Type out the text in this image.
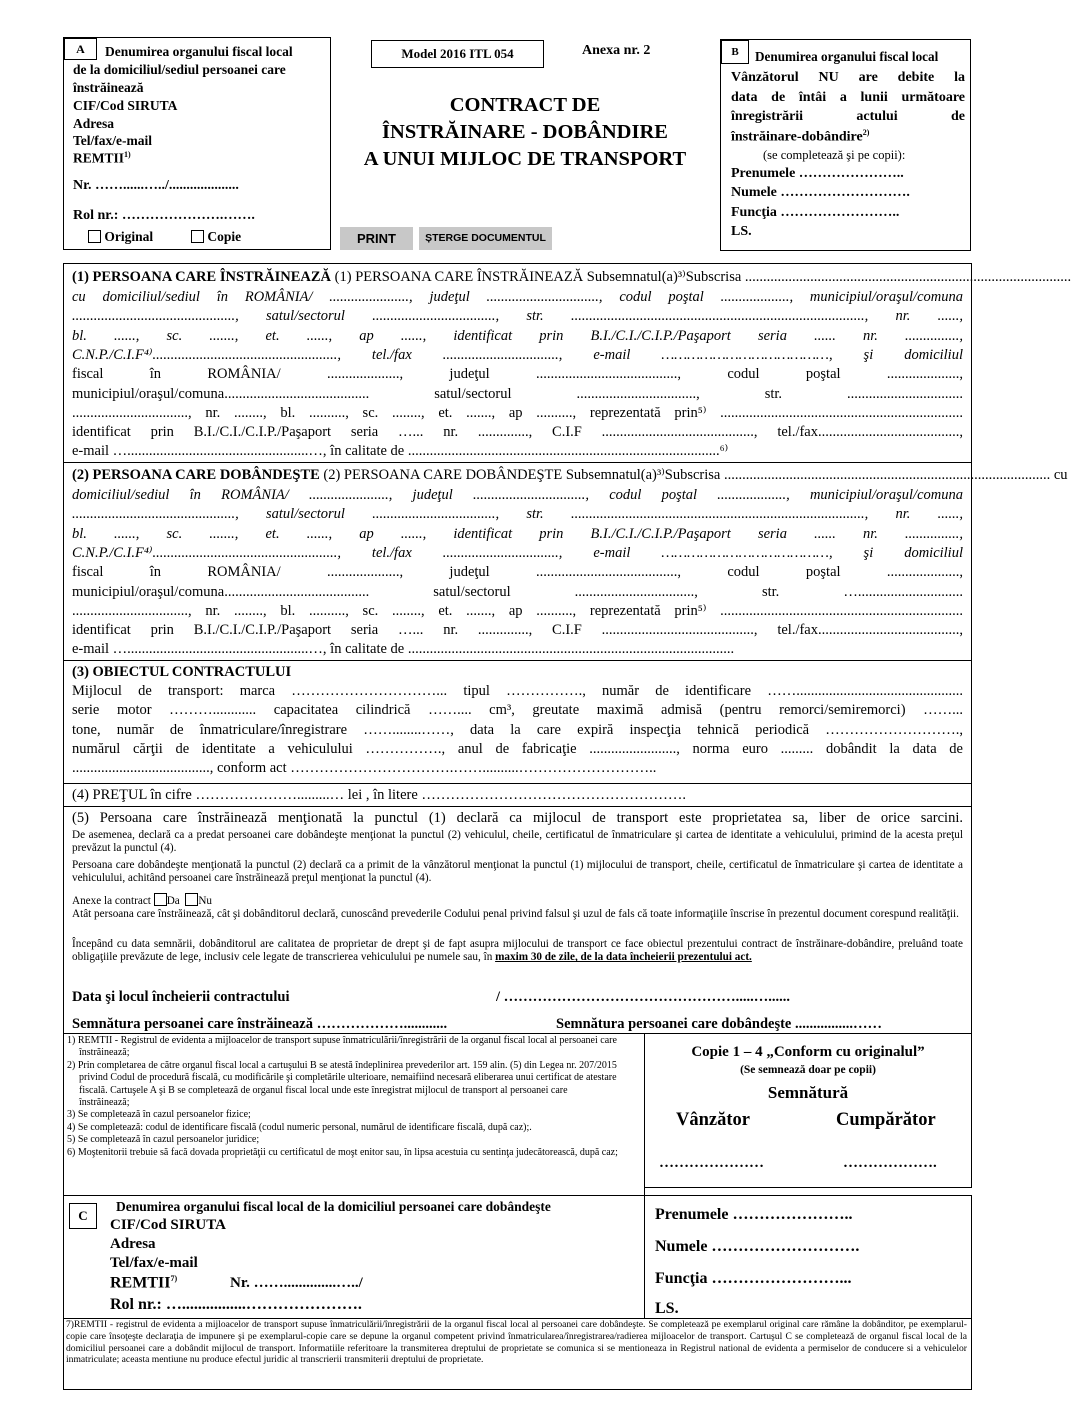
A	Denumirea organului fiscal local
de la domiciliul/sediul persoanei care
înstrăinează
CIF/Cod SIRUTA
Adresa
Tel/fax/e-mail
REMTII$^{1)}$
Nr. ……......…../....................
Rol nr.: ………………….…….
Original	Copie
Model 2016 ITL 054	Anexa nr. 2
CONTRACT DE
ÎNSTRĂINARE - DOBÂNDIRE
A UNUI MIJLOC DE TRANSPORT
PRINT	ȘTERGE DOCUMENTUL
B	Denumirea organului fiscal local
Vânzătorul NU are debite la
data de întâi a lunii următoare
înregistrării actului de
înstrăinare-dobândire$^{2)}$
(se completează şi pe copii):
Prenumele …………………..
Numele ……………………….
Funcţia ……………………..
LS.
(1) PERSOANA CARE ÎNSTRĂINEAZĂ (1) PERSOANA CARE ÎNSTRĂINEAZĂ Subsemnatul(a)³⁾Subscrisa ..........................................................................................
cu domiciliul/sediul în ROMÂNIA/ ......................, judeţul ..............................., codul poştal ..................., municipiul/oraşul/comuna
............................................., satul/sectorul .................................., str. ................................................................................., nr. ......,
bl. ......, sc. ......., et. ......, ap ......, identificat prin B.I./C.I./C.I.P./Paşaport seria ...... nr. ...............,
C.N.P./C.I.F⁴⁾..................................................., tel./fax ................................, e-mail …………………………………, şi domiciliul
fiscal în ROMÂNIA/ ...................., judeţul ......................................., codul poştal ....................,
municipiul/oraşul/comuna........................................ satul/sectorul ................................., str. ................................
................................, nr. ........, bl. .........., sc. ........, et. ......., ap .........., reprezentată prin⁵⁾ ...................................................................
identificat prin B.I./C.I./C.I.P./Paşaport seria …... nr. .............., C.I.F .........................................., tel./fax.......................................,
e-mail …..................................................…, în calitate de ......................................................................................⁶⁾
(2) PERSOANA CARE DOBÂNDEŞTE (2) PERSOANA CARE DOBÂNDEŞTE Subsemnatul(a)³⁾Subscrisa .......................................................................................... cu
domiciliul/sediul în ROMÂNIA/ ......................, judeţul ..............................., codul poştal ..................., municipiul/oraşul/comuna
............................................., satul/sectorul .................................., str. ................................................................................., nr. ......,
bl. ......, sc. ......., et. ......, ap ......, identificat prin B.I./C.I./C.I.P./Paşaport seria ...... nr. ...............,
C.N.P./C.I.F⁴⁾..................................................., tel./fax ................................, e-mail …………………………………, şi domiciliul
fiscal în ROMÂNIA/ ...................., judeţul ......................................., codul poştal ....................,
municipiul/oraşul/comuna........................................ satul/sectorul ................................., str. ….............................
................................, nr. ........, bl. .........., sc. ........, et. ......., ap .........., reprezentată prin⁵⁾ ...................................................................
identificat prin B.I./C.I./C.I.P./Paşaport seria …... nr. .............., C.I.F .........................................., tel./fax.......................................,
e-mail …..................................................…, în calitate de ..........................................................................................
(3) OBIECTUL CONTRACTULUI
Mijlocul de transport: marca …………………………... tipul ……………., număr de identificare ……..............................................
serie motor ………............ capacitatea cilindrică …….... cm³, greutate maximă admisă (pentru remorci/semiremorci) ……...
tone, număr de înmatriculare/înregistrare ……........……, data la care expiră inspecţia tehnică periodică ……………………….,
numărul cărţii de identitate a vehiculului ……………., anul de fabricaţie ........................, norma euro ......... dobândit la data de
......................................, conform act …………………………….……..........………………………..
(4) PREŢUL în cifre ………………….........… lei , în litere ……………………………………………….
(5) Persoana care înstrăinează menţionată la punctul (1) declară ca mijlocul de transport este proprietatea sa, liber de orice sarcini.
De asemenea, declară ca a predat persoanei care dobândeşte menţionat la punctul (2) vehiculul, cheile, certificatul de înmatriculare şi cartea de identitate a vehiculului, primind de la acesta preţul prevăzut la punctul (4).
Persoana care dobândeşte menţionată la punctul (2) declară ca a primit de la vânzătorul menţionat la punctul (1) mijlocului de transport, cheile, certificatul de înmatriculare şi cartea de identitate a vehiculului, achitând persoanei care înstrăinează preţul menţionat la punctul (4).
Anexe la contract Da Nu
Atât persoana care înstrăinează, cât şi dobânditorul declară, cunoscând prevederile Codului penal privind falsul şi uzul de fals că toate informaţiile înscrise în prezentul document corespund realităţii.
Începând cu data semnării, dobânditorul are calitatea de proprietar de drept şi de fapt asupra mijlocului de transport ce face obiectul prezentului contract de înstrăinare-dobândire, preluând toate obligaţiile prevăzute de lege, inclusiv cele legate de transcrierea vehiculului pe numele sau, în maxim 30 de zile, de la data încheierii prezentului act.
Data şi locul încheierii contractului	/ ………………………………………….....…......
Semnătura persoanei care înstrăinează ………………............	Semnătura persoanei care dobândeşte ................……
1) REMTII - Registrul de evidenta a mijloacelor de transport supuse înmatriculării/înregistrării de la organul fiscal local al persoanei care înstrăinează;
2) Prin completarea de către organul fiscal local a cartuşului B se atestă îndeplinirea prevederilor art. 159 alin. (5) din Legea nr. 207/2015 privind Codul de procedură fiscală, cu modificările şi completările ulterioare, nemaifiind necesară eliberarea unui certificat de atestare fiscală. Cartuşele A şi B se completează de organul fiscal local unde este înregistrat mijlocul de transport al persoanei care înstrăinează;
3) Se completează în cazul persoanelor fizice;
4) Se completează: codul de identificare fiscală (codul numeric personal, numărul de identificare fiscală, după caz);.
5) Se completează în cazul persoanelor juridice;
6) Moştenitorii trebuie să facă dovada proprietăţii cu certificatul de moşt enitor sau, în lipsa acestuia cu sentinţa judecătorească, după caz;
C
Denumirea organului fiscal local de la domiciliul persoanei care dobândeşte
CIF/Cod SIRUTA
Adresa
Tel/fax/e-mail
REMTII$^{7)}$	Nr. ……..............…../
Rol nr.: …................………………….
Copie 1 – 4 „Conform cu originalul”
(Se semnează doar pe copii)
Semnătură
Vânzător	Cumpărător
…………………	……………….
Prenumele …………………..
Numele ……………………….
Funcţia ……………………...
LS.
7)REMTII - registrul de evidenta a mijloacelor de transport supuse înmatriculării/înregistrării de la organul fiscal local al persoanei care dobândeşte. Se completează pe exemplarul original care rămâne la dobânditor, pe exemplarul-copie care însoţeşte declaraţia de impunere şi pe exemplarul-copie care se depune la organul competent privind înmatricularea/înregistrarea/radierea mijloacelor de transport. Cartuşul C se completează de organul fiscal local de la domiciliul persoanei care a dobândit mijlocul de transport. Informatiile referitoare la transmiterea dreptului de proprietate se comunica si se mentioneaza in Registrul national de evidenta a permiselor de conducere si a vehiculelor inmatriculate; aceasta mentiune nu produce efectul juridic al transcrierii transmiterii dreptului de proprietate.
